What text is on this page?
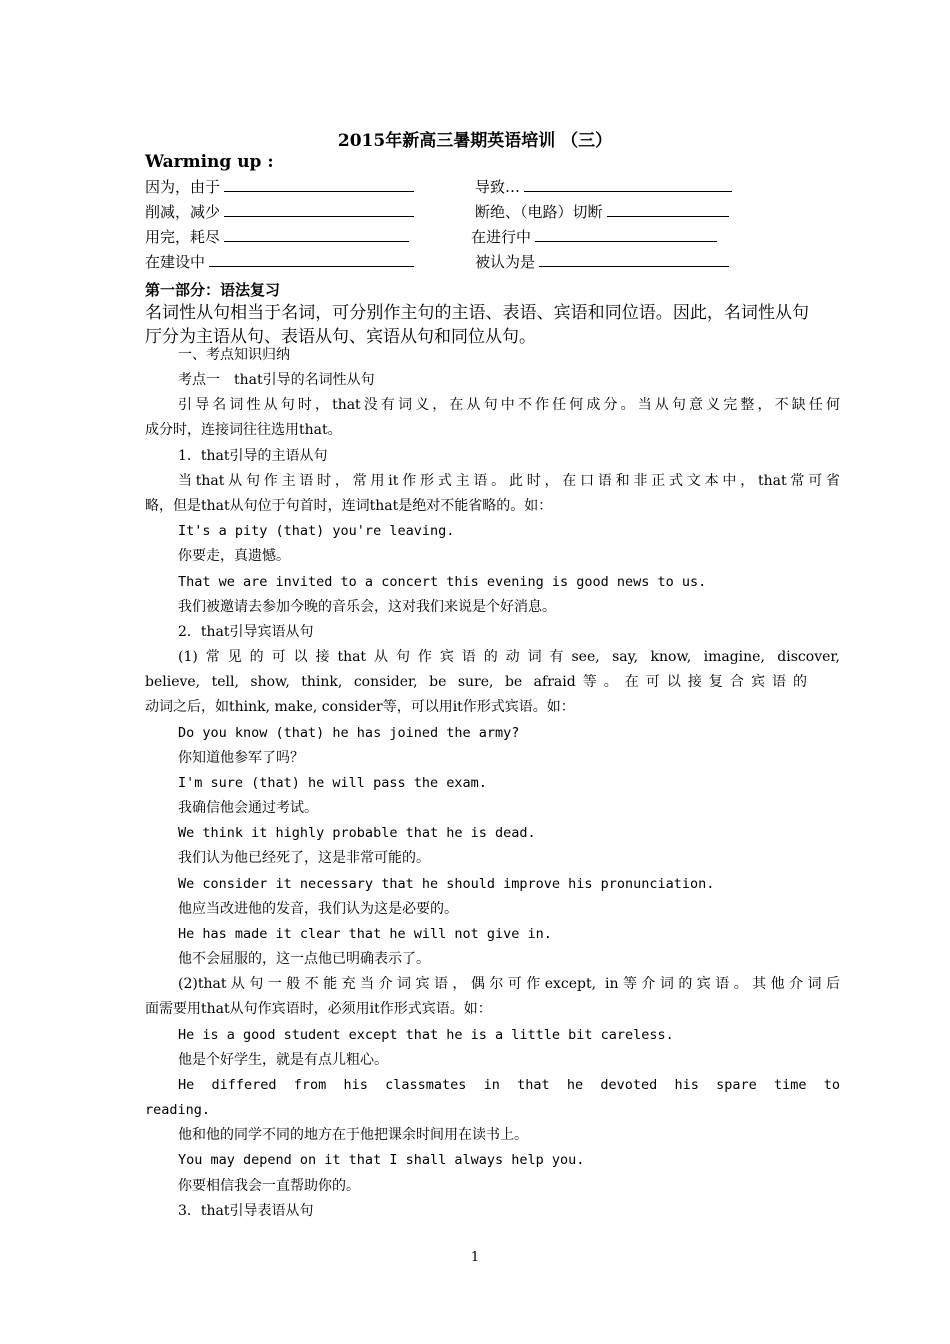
2015年新高三暑期英语培训 （三）
Warming up :
因为，由于	导致…
削减，减少	断绝、（电路）切断
用完，耗尽	在进行中
在建设中	被认为是
第一部分：语法复习
名词性从句相当于名词，可分别作主句的主语、表语、宾语和同位语。因此，名词性从句厅分为主语从句、表语从句、宾语从句和同位从句。
一、考点知识归纳
考点一　that引导的名词性从句
引导名词性从句时，that没有词义，在从句中不作任何成分。当从句意义完整，不缺任何
成分时，连接词往往选用that。
1．that引导的主语从句
当that从句作主语时，常用it作形式主语。此时，在口语和非正式文本中，that常可省
略，但是that从句位于句首时，连词that是绝对不能省略的。如：
It's a pity (that) you're leaving.
你要走，真遗憾。
That we are invited to a concert this evening is good news to us.
我们被邀请去参加今晚的音乐会，这对我们来说是个好消息。
2．that引导宾语从句
(1)常见的可以接that从句作宾语的动词有see, say, know, imagine, discover,
believe, tell, show, think, consider, be sure, be afraid等。在可以接复合宾语的
动词之后，如think, make, consider等，可以用it作形式宾语。如：
Do you know (that) he has joined the army?
你知道他参军了吗？
I'm sure (that) he will pass the exam.
我确信他会通过考试。
We think it highly probable that he is dead.
我们认为他已经死了，这是非常可能的。
We consider it necessary that he should improve his pronunciation.
他应当改进他的发音，我们认为这是必要的。
He has made it clear that he will not give in.
他不会屈服的，这一点他已明确表示了。
(2)that从句一般不能充当介词宾语，偶尔可作except, in等介词的宾语。其他介词后
面需要用that从句作宾语时，必须用it作形式宾语。如：
He is a good student except that he is a little bit careless.
他是个好学生，就是有点儿粗心。
He differed from his classmates in that he devoted his spare time to
reading.
他和他的同学不同的地方在于他把课余时间用在读书上。
You may depend on it that I shall always help you.
你要相信我会一直帮助你的。
3．that引导表语从句
1
